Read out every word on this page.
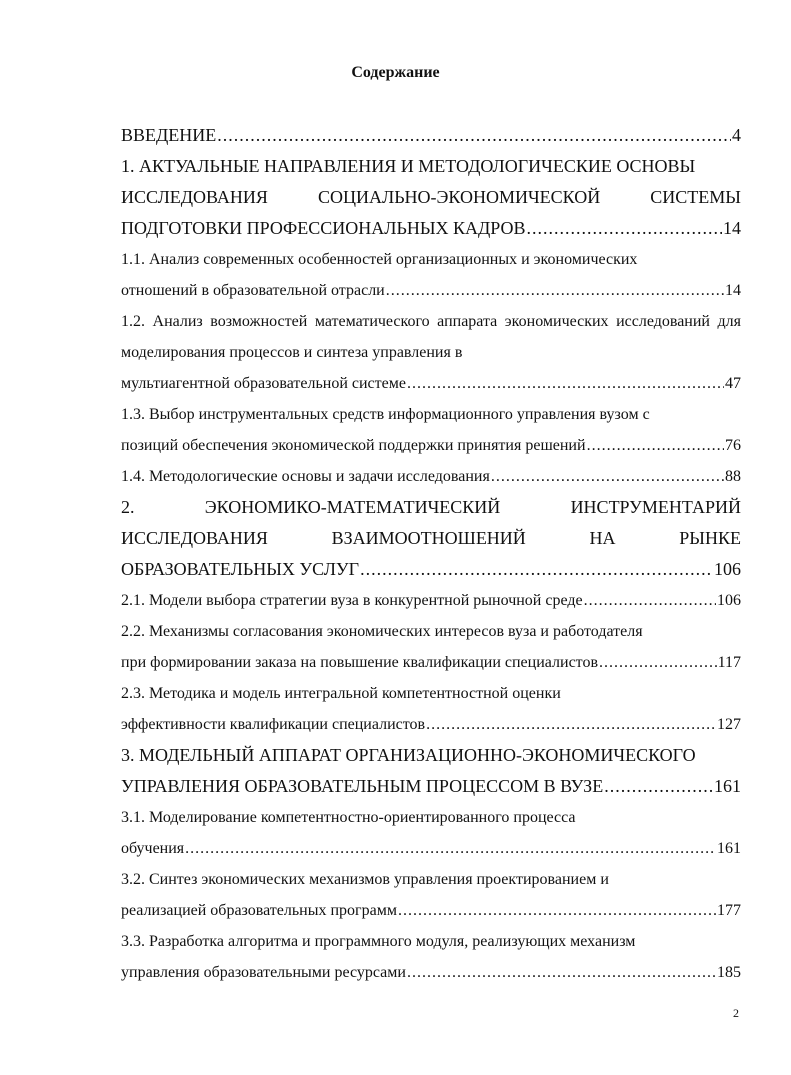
Содержание
ВВЕДЕНИЕ .....	4
1. АКТУАЛЬНЫЕ НАПРАВЛЕНИЯ И МЕТОДОЛОГИЧЕСКИЕ ОСНОВЫ
ИССЛЕДОВАНИЯ	СОЦИАЛЬНО-ЭКОНОМИЧЕСКОЙ	СИСТЕМЫ
ПОДГОТОВКИ ПРОФЕССИОНАЛЬНЫХ КАДРОВ .....	14
1.1. Анализ современных особенностей организационных и экономических
отношений в образовательной отрасли .....	14
1.2. Анализ возможностей математического аппарата экономических исследований для моделирования процессов и синтеза управления в
мультиагентной образовательной системе .....	47
1.3. Выбор инструментальных средств информационного управления вузом с
позиций обеспечения экономической поддержки принятия решений .....	76
1.4. Методологические основы и задачи исследования .....	88
2.	ЭКОНОМИКО-МАТЕМАТИЧЕСКИЙ	ИНСТРУМЕНТАРИЙ
ИССЛЕДОВАНИЯ	ВЗАИМООТНОШЕНИЙ	НА	РЫНКЕ
ОБРАЗОВАТЕЛЬНЫХ УСЛУГ .....	106
2.1. Модели выбора стратегии вуза в конкурентной рыночной среде .....	106
2.2. Механизмы согласования экономических интересов вуза и работодателя
при формировании заказа на повышение квалификации специалистов .....	117
2.3. Методика и модель интегральной компетентностной оценки
эффективности квалификации специалистов .....	127
3. МОДЕЛЬНЫЙ АППАРАТ ОРГАНИЗАЦИОННО-ЭКОНОМИЧЕСКОГО
УПРАВЛЕНИЯ ОБРАЗОВАТЕЛЬНЫМ ПРОЦЕССОМ В ВУЗЕ .....	161
3.1. Моделирование компетентностно-ориентированного процесса
обучения .....	161
3.2. Синтез экономических механизмов управления проектированием и
реализацией образовательных программ .....	177
3.3. Разработка алгоритма и программного модуля, реализующих механизм
управления образовательными ресурсами .....	185
2
